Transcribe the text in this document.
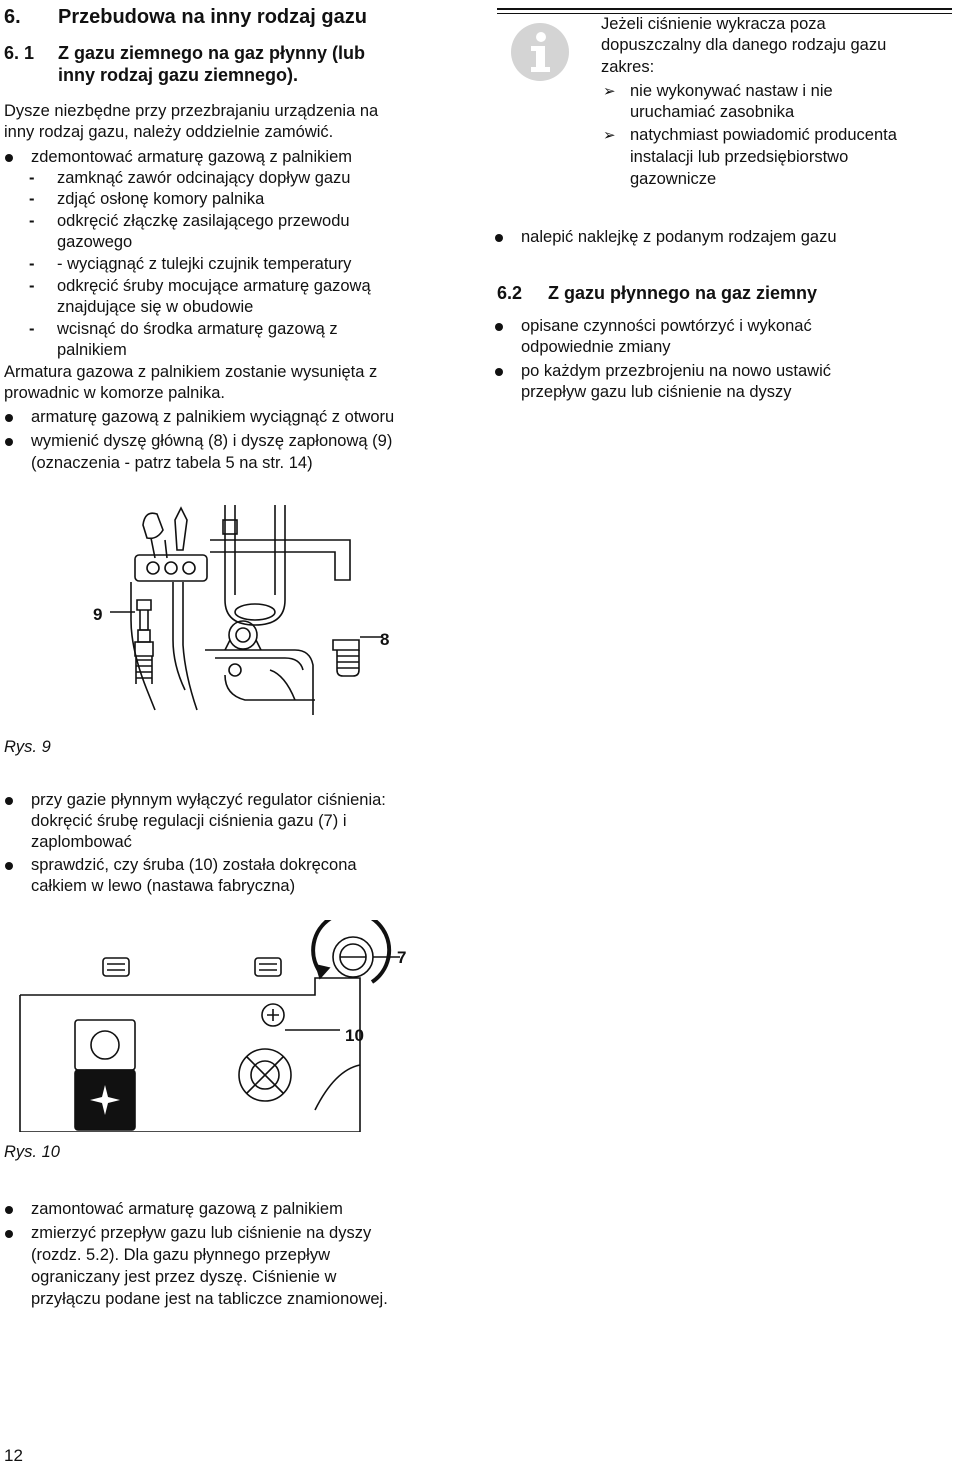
6. Przebudowa na inny rodzaj gazu
6. 1 Z gazu ziemnego na gaz płynny (lub
inny rodzaj gazu ziemnego).
Dysze niezbędne przy przezbrajaniu urządzenia na
inny rodzaj gazu, należy oddzielnie zamówić.
zdemontować armaturę gazową z palnikiem
- zamknąć zawór odcinający dopływ gazu
- zdjąć osłonę komory palnika
- odkręcić złączkę zasilającego przewodu
gazowego
- - wyciągnąć z tulejki czujnik temperatury
- odkręcić śruby mocujące armaturę gazową
znajdujące się w obudowie
- wcisnąć do środka armaturę gazową z
palnikiem
Armatura gazowa z palnikiem zostanie wysunięta z
prowadnic w komorze palnika.
armaturę gazową z palnikiem wyciągnąć z otworu
wymienić dyszę główną (8) i dyszę zapłonową (9)
(oznaczenia - patrz tabela 5 na str. 14)
Jeżeli ciśnienie wykracza poza
dopuszczalny dla danego rodzaju gazu
zakres:
➢ nie wykonywać nastaw i nie
uruchamiać zasobnika
➢ natychmiast powiadomić producenta
instalacji lub przedsiębiorstwo
gazownicze
nalepić naklejkę z podanym rodzajem gazu
6.2 Z gazu płynnego na gaz ziemny
opisane czynności powtórzyć i wykonać
odpowiednie zmiany
po każdym przezbrojeniu na nowo ustawić
przepływ gazu lub ciśnienie na dyszy
9
8
Rys. 9
przy gazie płynnym wyłączyć regulator ciśnienia:
dokręcić śrubę regulacji ciśnienia gazu (7) i
zaplombować
sprawdzić, czy śruba (10) została dokręcona
całkiem w lewo (nastawa fabryczna)
7
10
Rys. 10
zamontować armaturę gazową z palnikiem
zmierzyć przepływ gazu lub ciśnienie na dyszy
(rozdz. 5.2). Dla gazu płynnego przepływ
ograniczany jest przez dyszę. Ciśnienie w
przyłączu podane jest na tabliczce znamionowej.
12
